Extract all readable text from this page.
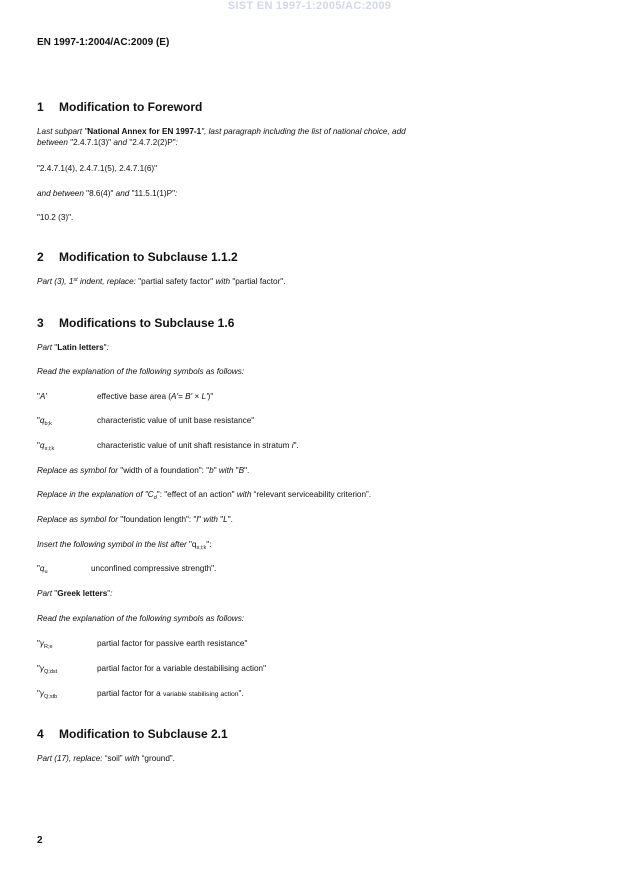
SIST EN 1997-1:2005/AC:2009
EN 1997-1:2004/AC:2009 (E)
1 Modification to Foreword
Last subpart "National Annex for EN 1997-1", last paragraph including the list of national choice, add
between "2.4.7.1(3)" and "2.4.7.2(2)P":
"2.4.7.1(4), 2.4.7.1(5), 2.4.7.1(6)"
and between "8.6(4)" and "11.5.1(1)P":
"10.2 (3)".
2 Modification to Subclause 1.1.2
Part (3), 1st indent, replace: "partial safety factor" with "partial factor".
3 Modifications to Subclause 1.6
Part "Latin letters":
Read the explanation of the following symbols as follows:
"A'	effective base area (A'= B' × L')"
"$q_{b;k}$	characteristic value of unit base resistance"
"$q_{s;i;k}$	characteristic value of unit shaft resistance in stratum i".
Replace as symbol for "width of a foundation": "b" with "B".
Replace in the explanation of "$C_d$": "effect of an action" with “relevant serviceability criterion”.
Replace as symbol for "foundation length": "l" with "L".
Insert the following symbol in the list after "$q_{s;i;k}$":
"$q_u$	unconfined compressive strength".
Part "Greek letters":
Read the explanation of the following symbols as follows:
"$\gamma_{R;e}$	partial factor for passive earth resistance"
"$\gamma_{Q;dst}$	partial factor for a variable destabilising action"
"$\gamma_{Q;stb}$	partial factor for a variable stabilising action".
4 Modification to Subclause 2.1
Part (17), replace: “soil” with “ground”.
2
